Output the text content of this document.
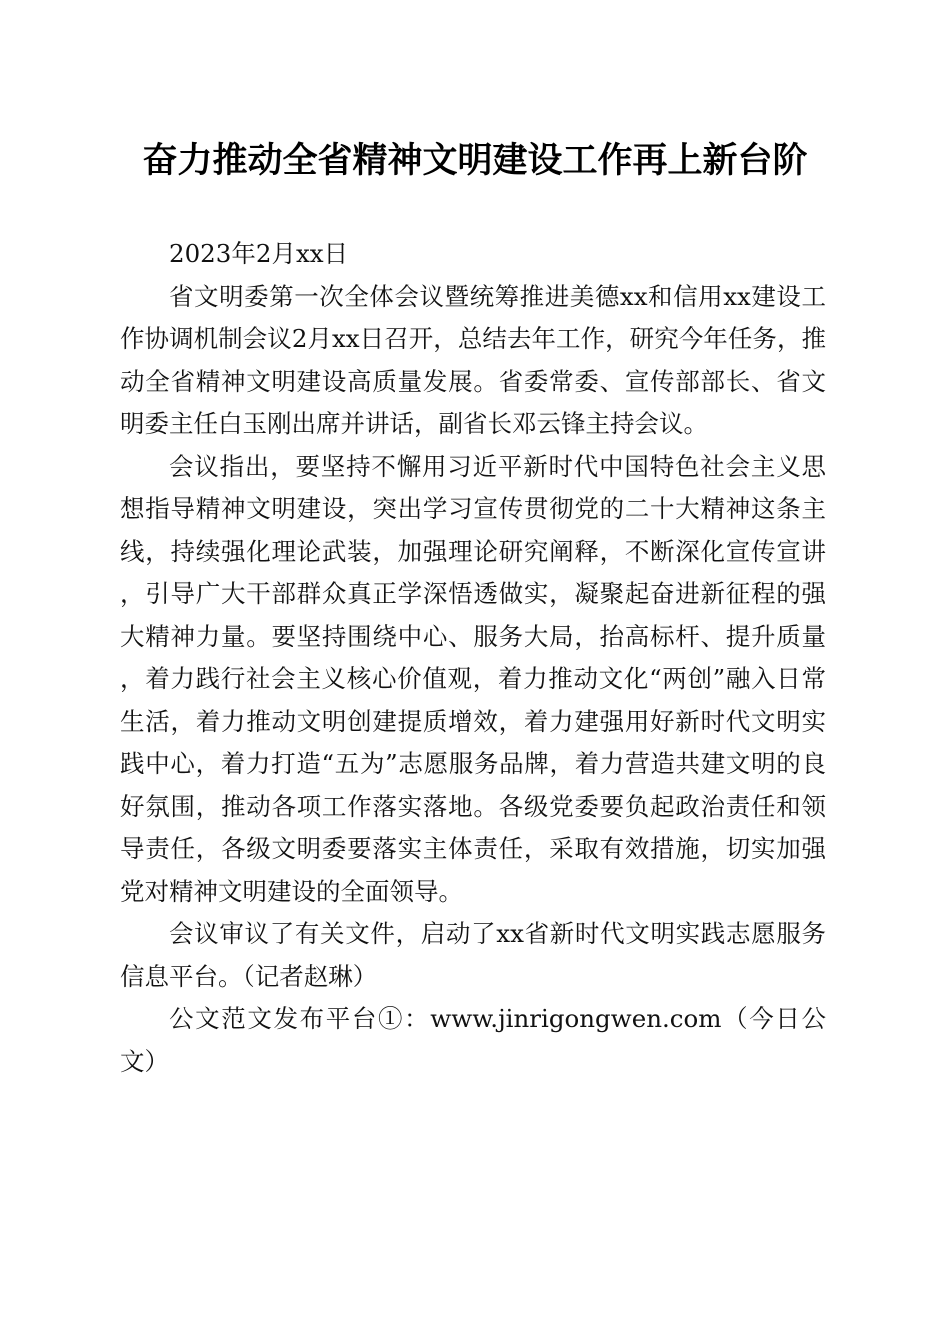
奋力推动全省精神文明建设工作再上新台阶

2023年2月xx日

省文明委第一次全体会议暨统筹推进美德xx和信用xx建设工作协调机制会议2月xx日召开，总结去年工作，研究今年任务，推动全省精神文明建设高质量发展。省委常委、宣传部部长、省文明委主任白玉刚出席并讲话，副省长邓云锋主持会议。

会议指出，要坚持不懈用习近平新时代中国特色社会主义思想指导精神文明建设，突出学习宣传贯彻党的二十大精神这条主线，持续强化理论武装，加强理论研究阐释，不断深化宣传宣讲，引导广大干部群众真正学深悟透做实，凝聚起奋进新征程的强大精神力量。要坚持围绕中心、服务大局，抬高标杆、提升质量，着力践行社会主义核心价值观，着力推动文化“两创”融入日常生活，着力推动文明创建提质增效，着力建强用好新时代文明实践中心，着力打造“五为”志愿服务品牌，着力营造共建文明的良好氛围，推动各项工作落实落地。各级党委要负起政治责任和领导责任，各级文明委要落实主体责任，采取有效措施，切实加强党对精神文明建设的全面领导。

会议审议了有关文件，启动了xx省新时代文明实践志愿服务信息平台。（记者赵琳）

公文范文发布平台①：www.jinrigongwen.com（今日公文）
